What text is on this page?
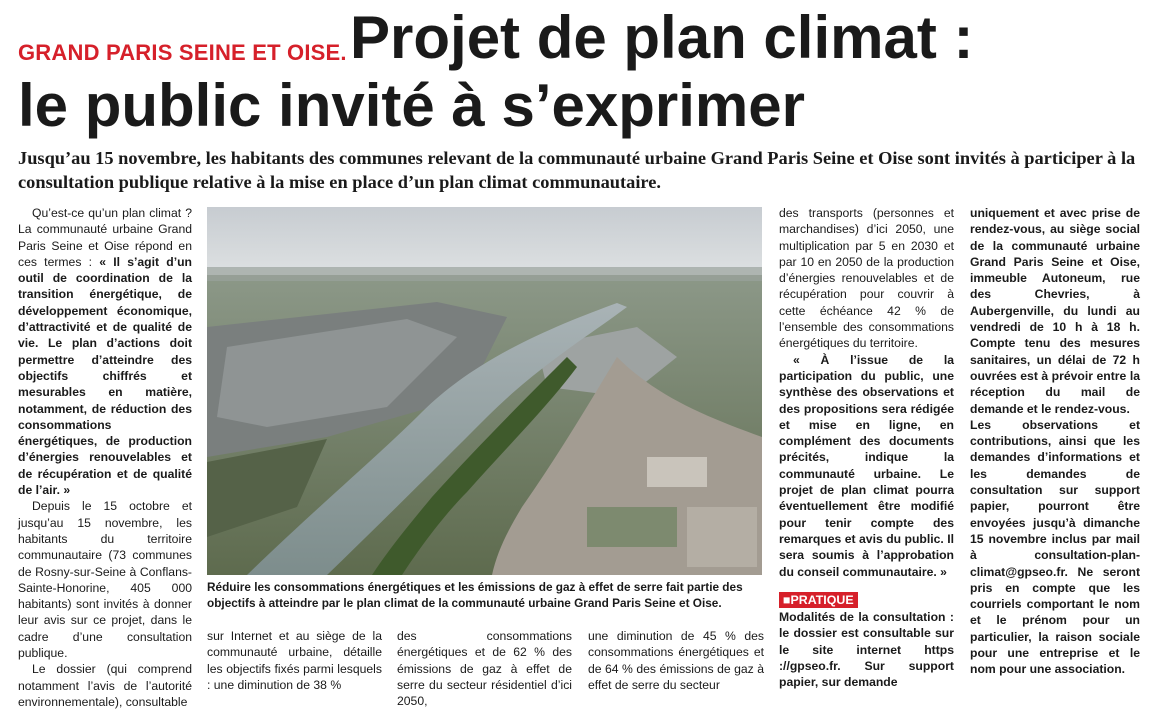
GRAND PARIS SEINE ET OISE. Projet de plan climat :
le public invité à s’exprimer
Jusqu’au 15 novembre, les habitants des communes relevant de la communauté urbaine Grand Paris Seine et Oise sont invités à participer à la consultation publique relative à la mise en place d’un plan climat communautaire.

Qu’est-ce qu’un plan climat ? La communauté urbaine Grand Paris Seine et Oise répond en ces termes : « Il s’agit d’un outil de coordination de la transition énergétique, de développement économique, d’attractivité et de qualité de vie. Le plan d’actions doit permettre d’atteindre des objectifs chiffrés et mesurables en matière, notamment, de réduction des consommations énergétiques, de production d’énergies renouvelables et de récupération et de qualité de l’air. »

Depuis le 15 octobre et jusqu’au 15 novembre, les habitants du territoire communautaire (73 communes de Rosny-sur-Seine à Conflans-Sainte-Honorine, 405 000 habitants) sont invités à donner leur avis sur ce projet, dans le cadre d’une consultation publique.

Le dossier (qui comprend notamment l’avis de l’autorité environnementale), consultable

Réduire les consommations énergétiques et les émissions de gaz à effet de serre fait partie des objectifs à atteindre par le plan climat de la communauté urbaine Grand Paris Seine et Oise.

sur Internet et au siège de la communauté urbaine, détaille les objectifs fixés parmi lesquels : une diminution de 38 %

des consommations énergétiques et de 62 % des émissions de gaz à effet de serre du secteur résidentiel d’ici 2050,

une diminution de 45 % des consommations énergétiques et de 64 % des émissions de gaz à effet de serre du secteur

des transports (personnes et marchandises) d’ici 2050, une multiplication par 5 en 2030 et par 10 en 2050 de la production d’énergies renouvelables et de récupération pour couvrir à cette échéance 42 % de l’ensemble des consommations énergétiques du territoire.

« À l’issue de la participation du public, une synthèse des observations et des propositions sera rédigée et mise en ligne, en complément des documents précités, indique la communauté urbaine. Le projet de plan climat pourra éventuellement être modifié pour tenir compte des remarques et avis du public. Il sera soumis à l’approbation du conseil communautaire. »

■PRATIQUE

Modalités de la consultation : le dossier est consultable sur le site internet https ://gpseo.fr. Sur support papier, sur demande

uniquement et avec prise de rendez-vous, au siège social de la communauté urbaine Grand Paris Seine et Oise, immeuble Autoneum, rue des Chevries, à Aubergenville, du lundi au vendredi de 10 h à 18 h. Compte tenu des mesures sanitaires, un délai de 72 h ouvrées est à prévoir entre la réception du mail de demande et le rendez-vous.

Les observations et contributions, ainsi que les demandes d’informations et les demandes de consultation sur support papier, pourront être envoyées jusqu’à dimanche 15 novembre inclus par mail à consultation-plan-climat@gpseo.fr. Ne seront pris en compte que les courriels comportant le nom et le prénom pour un particulier, la raison sociale pour une entreprise et le nom pour une association.
